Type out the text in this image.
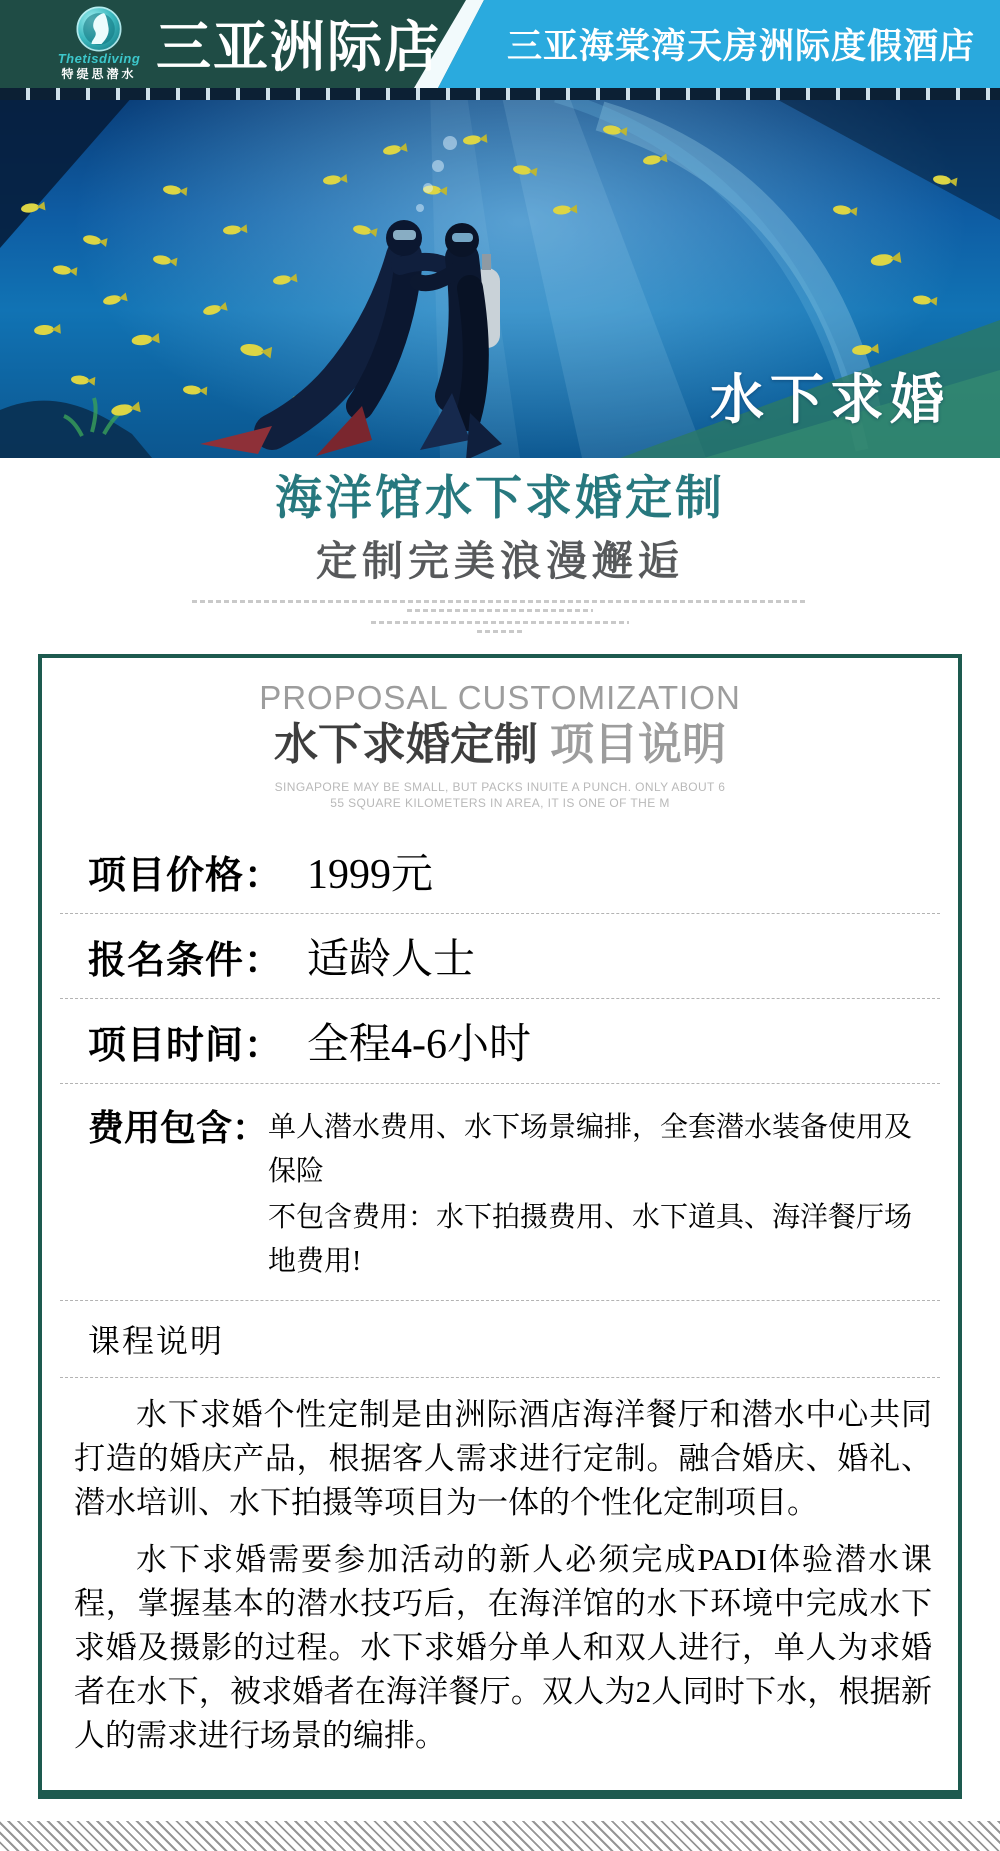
Thetisdiving
特缇思潜水 三亚洲际店	三亚海棠湾天房洲际度假酒店
水下求婚
海洋馆水下求婚定制
定制完美浪漫邂逅
PROPOSAL CUSTOMIZATION
水下求婚定制 项目说明
SINGAPORE MAY BE SMALL, BUT PACKS INUITE A PUNCH. ONLY ABOUT 6
55 SQUARE KILOMETERS IN AREA, IT IS ONE OF THE M
项目价格： 1999元
报名条件： 适龄人士
项目时间： 全程4-6小时
费用包含： 单人潜水费用、水下场景编排，全套潜水装备使用及保险
不包含费用：水下拍摄费用、水下道具、海洋餐厅场地费用!
课程说明

水下求婚个性定制是由洲际酒店海洋餐厅和潜水中心共同打造的婚庆产品，根据客人需求进行定制。融合婚庆、婚礼、潜水培训、水下拍摄等项目为一体的个性化定制项目。

水下求婚需要参加活动的新人必须完成PADI体验潜水课程，掌握基本的潜水技巧后，在海洋馆的水下环境中完成水下求婚及摄影的过程。水下求婚分单人和双人进行，单人为求婚者在水下，被求婚者在海洋餐厅。双人为2人同时下水，根据新人的需求进行场景的编排。
